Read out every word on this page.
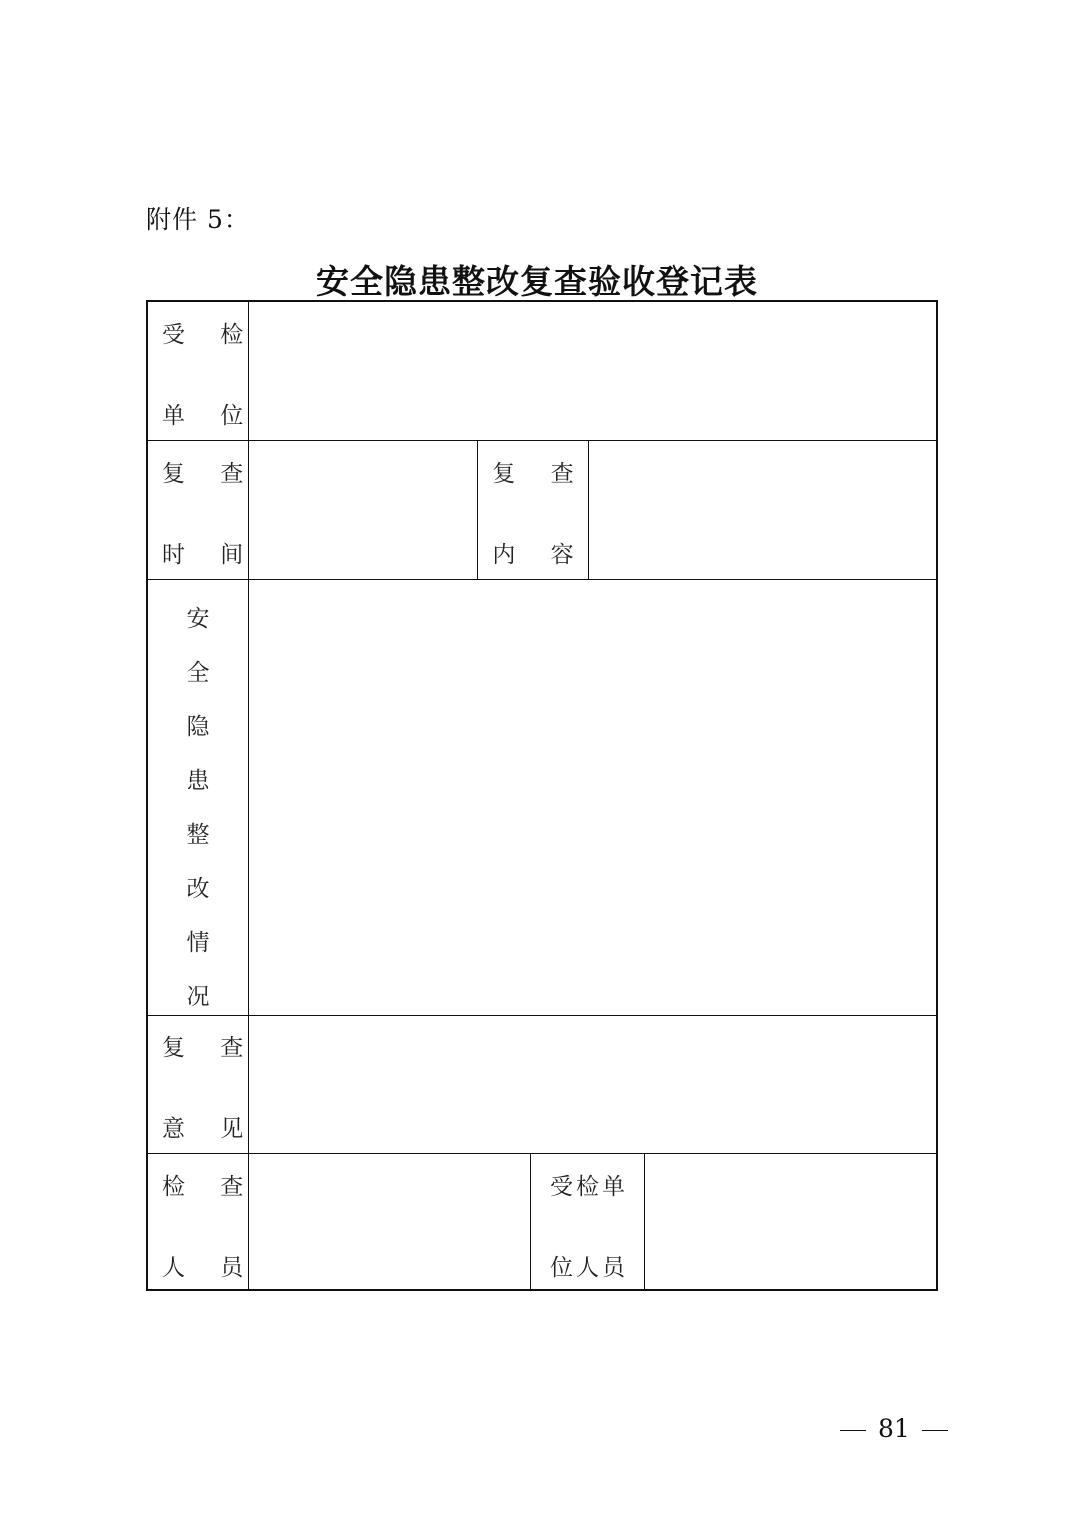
附件 5：
安全隐患整改复查验收登记表
受 检
单 位
复 查
时 间
复 查
内 容
安
全
隐
患
整
改
情
况
复 查
意 见
检 查
人 员
受检单
位人员
81
